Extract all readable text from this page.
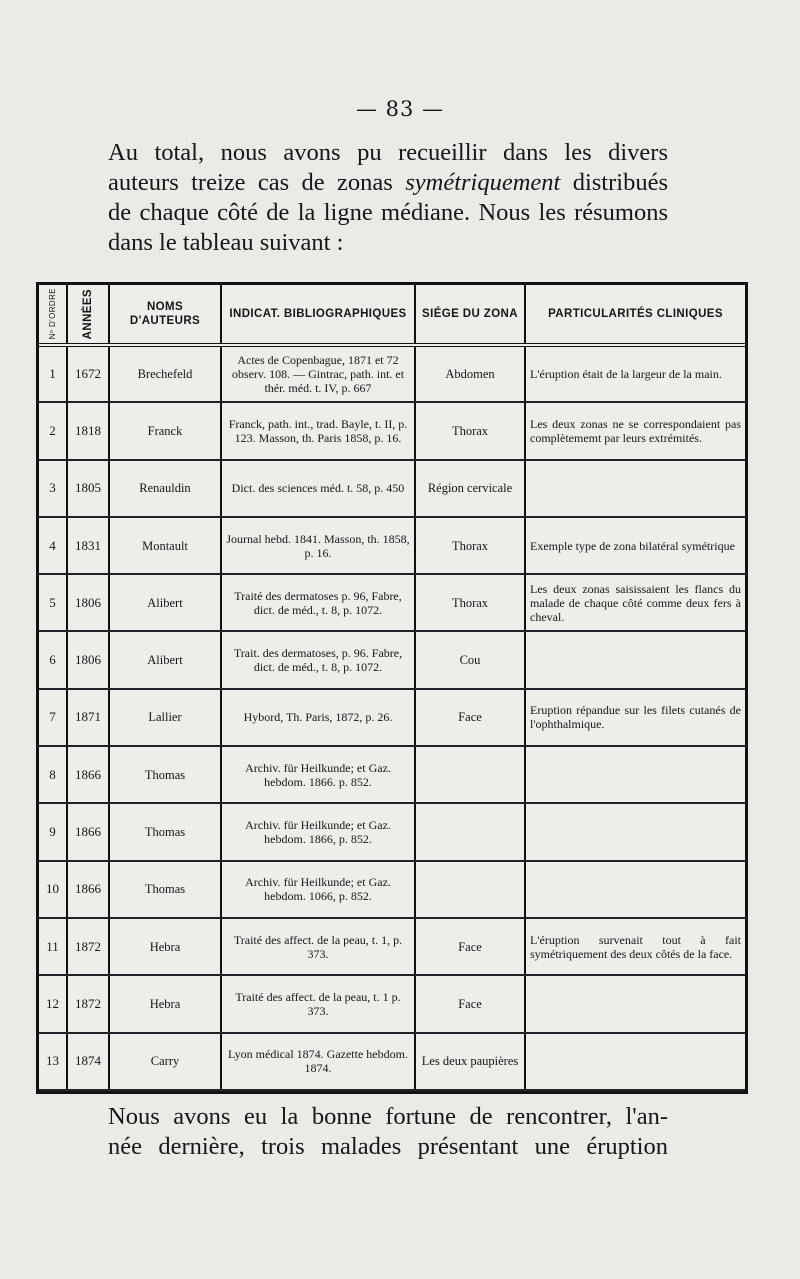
— 83 —
Au total, nous avons pu recueillir dans les divers
auteurs treize cas de zonas symétriquement distribués
de chaque côté de la ligne médiane. Nous les résumons
dans le tableau suivant :
Nᵒ D'ORDRE	ANNÉES	NOMS D'AUTEURS	INDICAT. BIBLIOGRAPHIQUES	SIÉGE DU ZONA	PARTICULARITÉS CLINIQUES
1	1672	Brechefeld	Actes de Copenbague, 1871 et 72 observ. 108. — Gintrac, path. int. et thér. méd. t. IV, p. 667	Abdomen	L'éruption était de la largeur de la main.
2	1818	Franck	Franck, path. int., trad. Bayle, t. II, p. 123. Masson, th. Paris 1858, p. 16.	Thorax	Les deux zonas ne se correspondaient pas complètememt par leurs extrémités.
3	1805	Renauldin	Dict. des sciences méd. t. 58, p. 450	Région cervicale	
4	1831	Montault	Journal hebd. 1841. Masson, th. 1858, p. 16.	Thorax	Exemple type de zona bilatéral symétrique
5	1806	Alibert	Traité des dermatoses p. 96, Fabre, dict. de méd., t. 8, p. 1072.	Thorax	Les deux zonas saisissaient les flancs du malade de chaque côté comme deux fers à cheval.
6	1806	Alibert	Trait. des dermatoses, p. 96. Fabre, dict. de méd., t. 8, p. 1072.	Cou	
7	1871	Lallier	Hybord, Th. Paris, 1872, p. 26.	Face	Eruption répandue sur les filets cutanés de l'ophthalmique.
8	1866	Thomas	Archiv. für Heilkunde; et Gaz. hebdom. 1866. p. 852.		
9	1866	Thomas	Archiv. für Heilkunde; et Gaz. hebdom. 1866, p. 852.		
10	1866	Thomas	Archiv. für Heilkunde; et Gaz. hebdom. 1066, p. 852.		
11	1872	Hebra	Traité des affect. de la peau, t. 1, p. 373.	Face	L'éruption survenait tout à fait symétriquement des deux côtés de la face.
12	1872	Hebra	Traité des affect. de la peau, t. 1 p. 373.	Face	
13	1874	Carry	Lyon médical 1874. Gazette hebdom. 1874.	Les deux paupières	
Nous avons eu la bonne fortune de rencontrer, l'an-
née dernière, trois malades présentant une éruption
